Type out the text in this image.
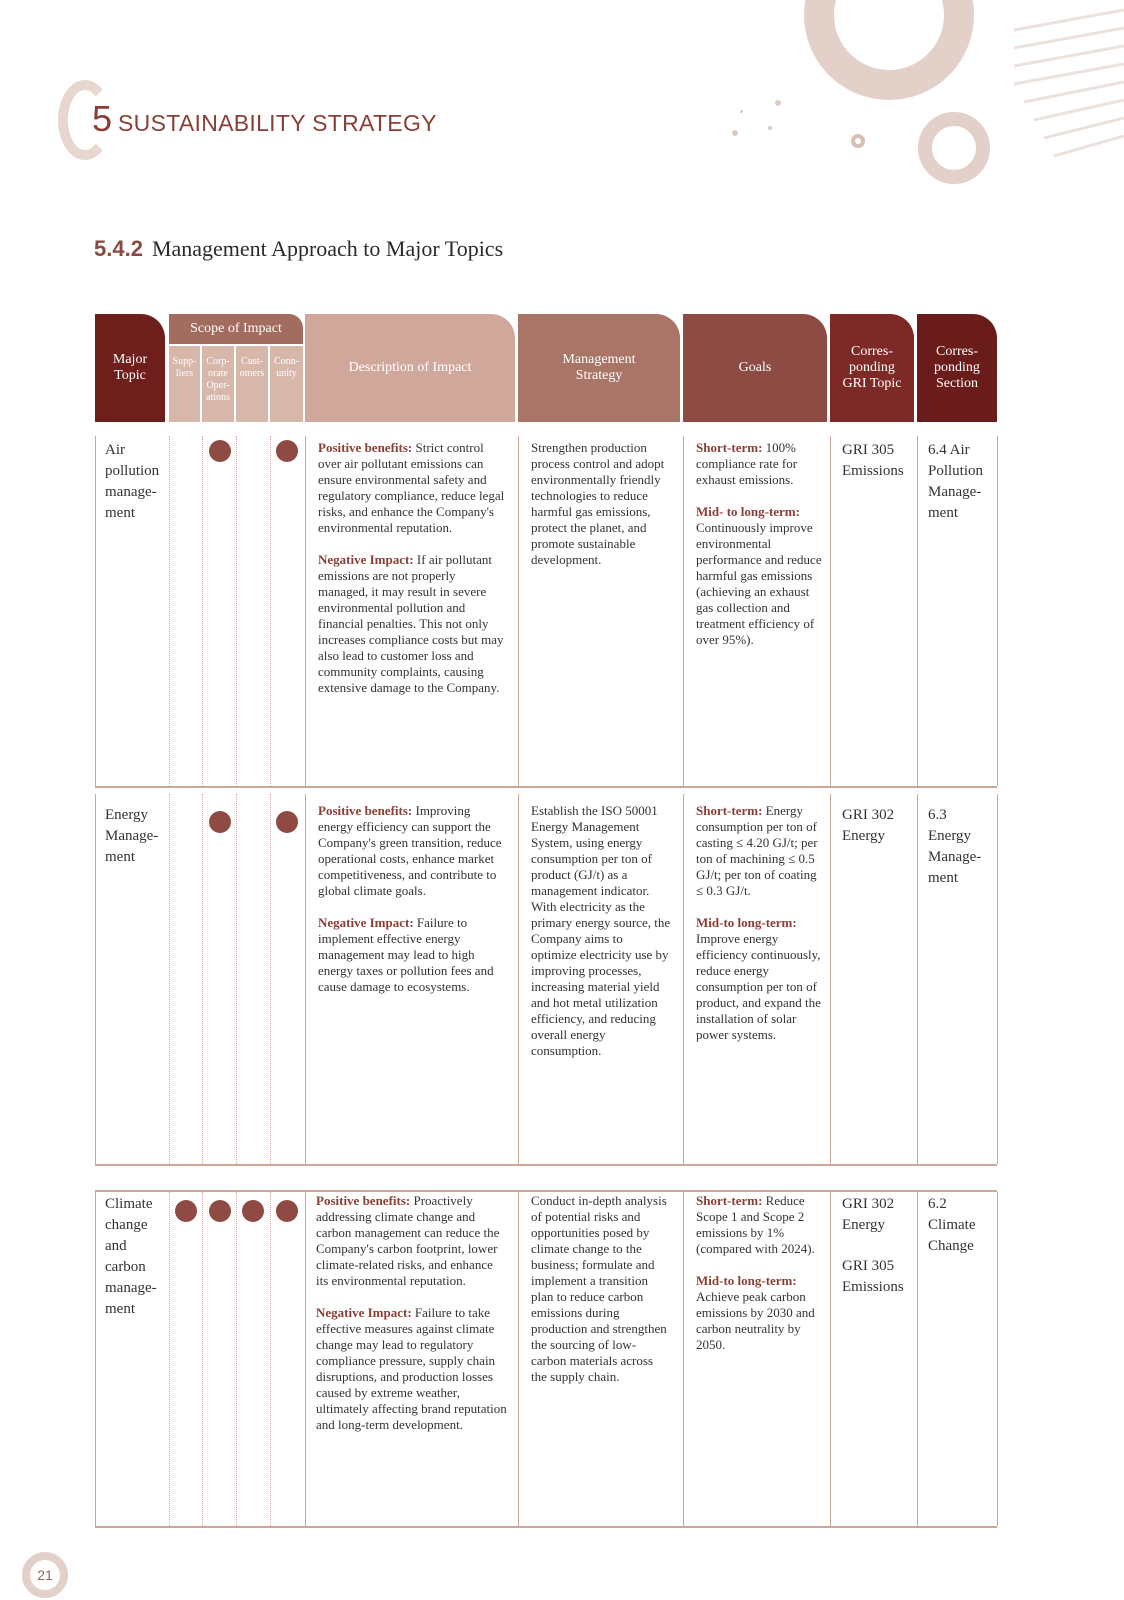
5 SUSTAINABILITY STRATEGY
5.4.2 Management Approach to Major Topics
Major Topic
Scope of Impact
Supp- liers
Corp- orate Oper- ations
Cust- omers
Conn- unity	Description of Impact
Management Strategy
Goals
Corres- ponding GRI Topic
Corres- ponding Section
Air pollution manage- ment

Positive benefits: Strict control over air pollutant emissions can ensure environmental safety and regulatory compliance, reduce legal risks, and enhance the Company's environmental reputation.

Negative Impact: If air pollutant emissions are not properly managed, it may result in severe environmental pollution and financial penalties. This not only increases compliance costs but may also lead to customer loss and community complaints, causing extensive damage to the Company.

Strengthen production process control and adopt environmentally friendly technologies to reduce harmful gas emissions, protect the planet, and promote sustainable development.

Short-term: 100% compliance rate for exhaust emissions.

Mid- to long-term:
Continuously improve environmental performance and reduce harmful gas emissions (achieving an exhaust gas collection and treatment efficiency of over 95%).

GRI 305 Emissions
6.4 Air Pollution Manage- ment
Energy Manage- ment

Positive benefits: Improving energy efficiency can support the Company's green transition, reduce operational costs, enhance market competitiveness, and contribute to global climate goals.

Negative Impact: Failure to implement effective energy management may lead to high energy taxes or pollution fees and cause damage to ecosystems.

Establish the ISO 50001 Energy Management System, using energy consumption per ton of product (GJ/t) as a management indicator. With electricity as the primary energy source, the Company aims to optimize electricity use by improving processes, increasing material yield and hot metal utilization efficiency, and reducing overall energy consumption.

Short-term: Energy consumption per ton of casting ≤ 4.20 GJ/t; per ton of machining ≤ 0.5 GJ/t; per ton of coating ≤ 0.3 GJ/t.

Mid-to long-term:
Improve energy efficiency continuously, reduce energy consumption per ton of product, and expand the installation of solar power systems.

GRI 302 Energy
6.3 Energy Manage- ment
Climate change and carbon manage- ment

Positive benefits: Proactively addressing climate change and carbon management can reduce the Company's carbon footprint, lower climate-related risks, and enhance its environmental reputation.

Negative Impact: Failure to take effective measures against climate change may lead to regulatory compliance pressure, supply chain disruptions, and production losses caused by extreme weather, ultimately affecting brand reputation and long-term development.

Conduct in-depth analysis of potential risks and opportunities posed by climate change to the business; formulate and implement a transition plan to reduce carbon emissions during production and strengthen the sourcing of low-carbon materials across the supply chain.

Short-term: Reduce Scope 1 and Scope 2 emissions by 1% (compared with 2024).

Mid-to long-term:
Achieve peak carbon emissions by 2030 and carbon neutrality by 2050.

GRI 302 Energy
GRI 305 Emissions
6.2 Climate Change
21
